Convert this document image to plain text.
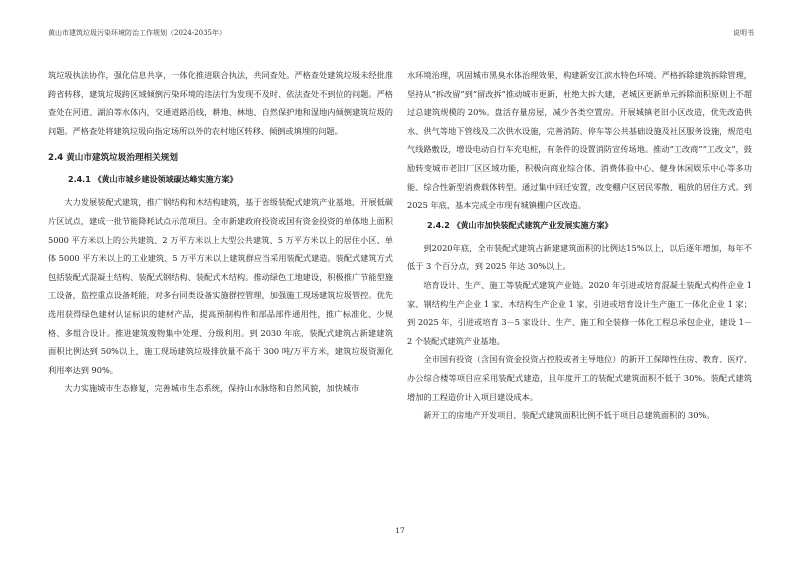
黄山市建筑垃圾污染环境防治工作规划（2024-2035年）	说明书

筑垃圾执法协作，强化信息共享，一体化推进联合执法，共同查处。严格查处建筑垃圾未经批准跨省转移，建筑垃圾跨区域倾倒污染环境的违法行为发现不及时、依法查处不到位的问题。严格查处在河道、湖泊等水体内，交通道路沿线，耕地、林地、自然保护地和湿地内倾倒建筑垃圾的问题。严格查处将建筑垃圾向指定场所以外的农村地区转移、倾倒或填埋的问题。

2.4 黄山市建筑垃圾治理相关规划
2.4.1 《黄山市城乡建设领域碳达峰实施方案》

大力发展装配式建筑，推广钢结构和木结构建筑，基于省级装配式建筑产业基地，开展低碳片区试点，建成一批节能降耗试点示范项目。全市新建政府投资或国有资金投资的单体地上面积 5000 平方米以上的公共建筑、2 万平方米以上大型公共建筑、5 万平方米以上的居住小区、单体 5000 平方米以上的工业建筑、5 万平方米以上建筑群应当采用装配式建造。装配式建筑方式包括装配式混凝土结构、装配式钢结构、装配式木结构。推动绿色工地建设，积极推广节能型施工设备，监控重点设备耗能，对多台同类设备实施群控管理，加强施工现场建筑垃圾管控。优先选用获得绿色建材认证标识的建材产品，提高预制构件和部品部件通用性，推广标准化、少规格、多组合设计。推进建筑废物集中处理、分级利用。到 2030 年底，装配式建筑占新建建筑面积比例达到 50%以上，施工现场建筑垃圾排放量不高于 300 吨/万平方米，建筑垃圾资源化利用率达到 90%。

大力实施城市生态修复，完善城市生态系统，保持山水脉络和自然风貌，加快城市

水环境治理，巩固城市黑臭水体治理效果，构建新安江滨水特色环境。严格拆除建筑拆除管理，坚持从“拆改留”到“留改拆”推动城市更新，杜绝大拆大建，老城区更新单元拆除面积原则上不超过总建筑规模的 20%。盘活存量房屋，减少各类空置房。开展城镇老旧小区改造，优先改造供水、供气等地下管线及二次供水设施，完善消防、停车等公共基础设施及社区服务设施，规范电气线路敷设，增设电动自行车充电桩，有条件的设置消防宣传场地。推动“工改商”“工改文”，鼓励转变城市老旧厂区区域功能，积极向商业综合体、消费体验中心、健身休闲娱乐中心等多功能、综合性新型消费载体转型。通过集中回迁安置，改变棚户区居民零散、粗放的居住方式。到 2025 年底，基本完成全市现有城镇棚户区改造。

2.4.2 《黄山市加快装配式建筑产业发展实施方案》

到2020年底，全市装配式建筑占新建建筑面积的比例达15%以上，以后逐年增加，每年不低于 3 个百分点，到 2025 年达 30%以上。

培育设计、生产、施工等装配式建筑产业链。2020 年引进或培育混凝土装配式构件企业 1 家、钢结构生产企业 1 家、木结构生产企业 1 家，引进或培育设计生产施工一体化企业 1 家；到 2025 年，引进或培育 3－5 家设计、生产、施工和全装修一体化工程总承包企业，建设 1－2 个装配式建筑产业基地。

全市国有投资（含国有资金投资占控股或者主导地位）的新开工保障性住房、教育、医疗、办公综合楼等项目应采用装配式建造，且年度开工的装配式建筑面积不低于 30%。装配式建筑增加的工程造价计入项目建设成本。

新开工的房地产开发项目，装配式建筑面积比例不低于项目总建筑面积的 30%。

17
